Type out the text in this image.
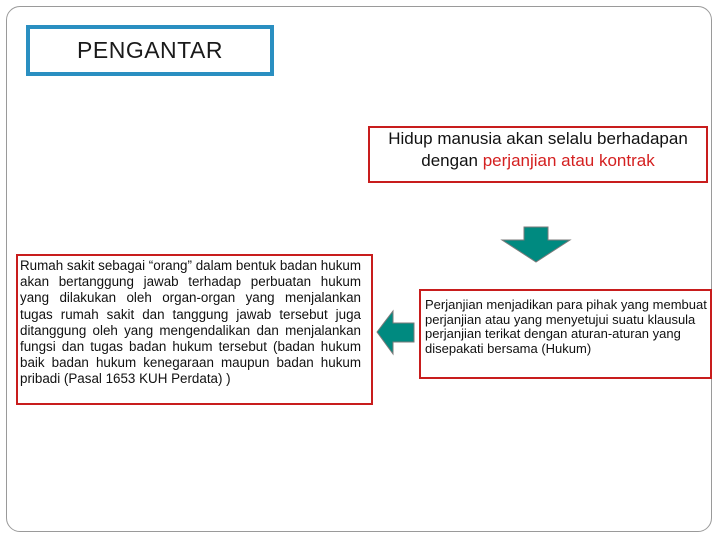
PENGANTAR

Hidup manusia akan selalu berhadapan dengan perjanjian atau kontrak

Rumah sakit sebagai “orang” dalam bentuk badan hukum akan bertanggung jawab terhadap perbuatan hukum yang dilakukan oleh organ-organ yang menjalankan tugas rumah sakit dan tanggung jawab tersebut juga ditanggung oleh yang mengendalikan dan menjalankan fungsi dan tugas badan hukum tersebut (badan hukum baik badan hukum kenegaraan maupun badan hukum pribadi (Pasal 1653 KUH Perdata) )

Perjanjian menjadikan para pihak yang membuat perjanjian atau yang menyetujui suatu klausula perjanjian terikat dengan aturan-aturan yang disepakati bersama (Hukum)
